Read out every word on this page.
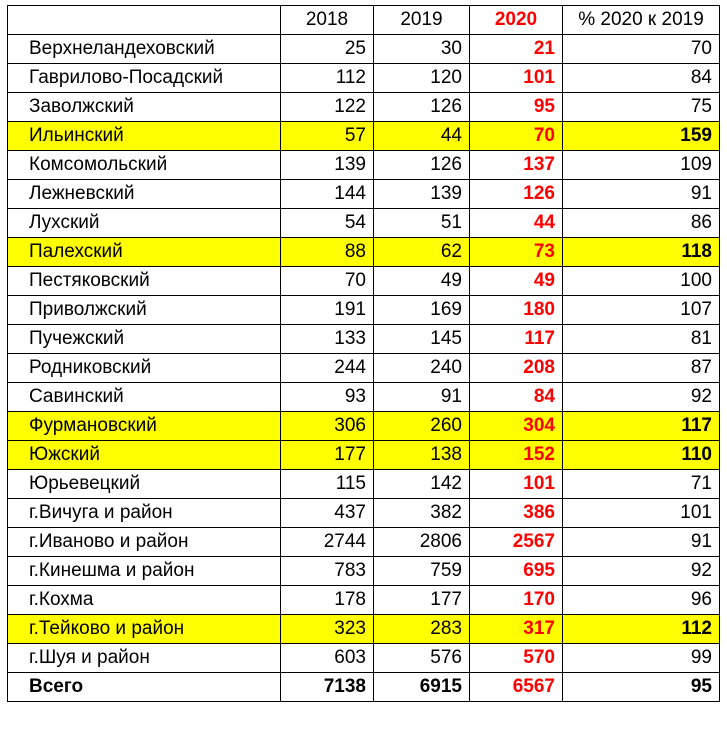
	2018	2019	2020	% 2020 к 2019
Верхнеландеховский	25	30	21	70
Гаврилово-Посадский	112	120	101	84
Заволжский	122	126	95	75
Ильинский	57	44	70	159
Комсомольский	139	126	137	109
Лежневский	144	139	126	91
Лухский	54	51	44	86
Палехский	88	62	73	118
Пестяковский	70	49	49	100
Приволжский	191	169	180	107
Пучежский	133	145	117	81
Родниковский	244	240	208	87
Савинский	93	91	84	92
Фурмановский	306	260	304	117
Южский	177	138	152	110
Юрьевецкий	115	142	101	71
г.Вичуга и район	437	382	386	101
г.Иваново и район	2744	2806	2567	91
г.Кинешма и район	783	759	695	92
г.Кохма	178	177	170	96
г.Тейково и район	323	283	317	112
г.Шуя и район	603	576	570	99
Всего	7138	6915	6567	95
